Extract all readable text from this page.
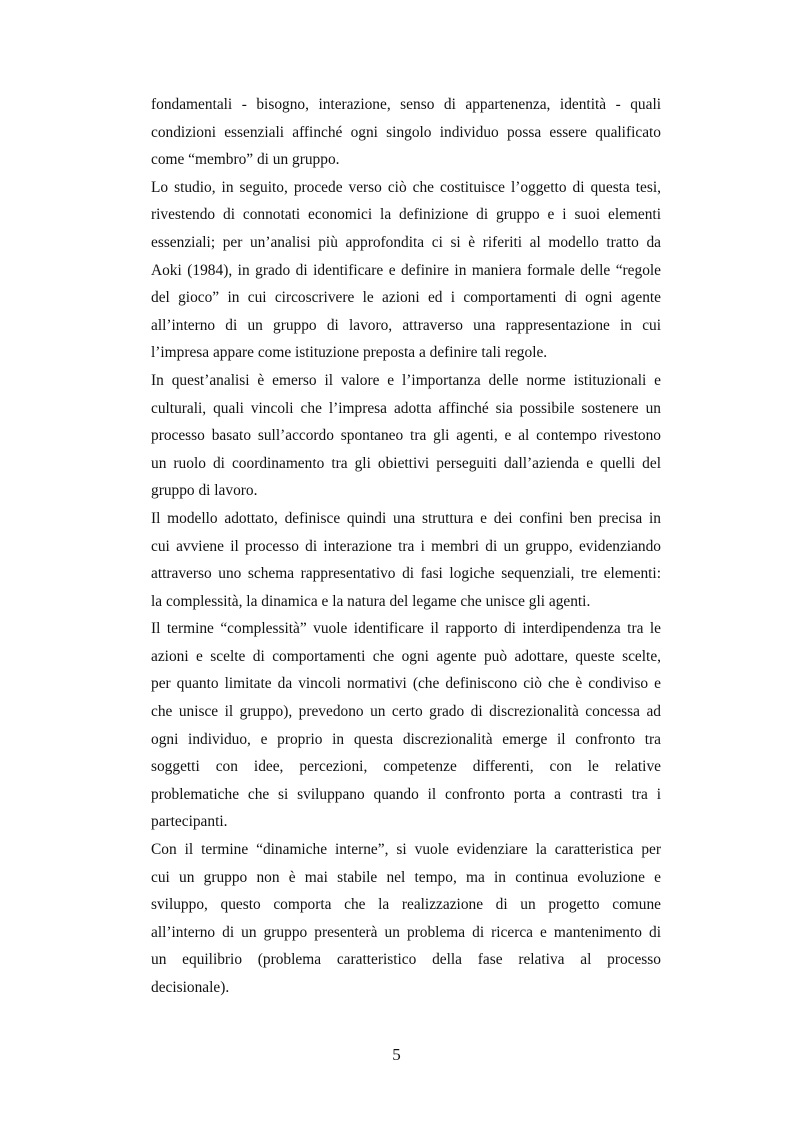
fondamentali - bisogno, interazione, senso di appartenenza, identità - quali
condizioni essenziali affinché ogni singolo individuo possa essere qualificato
come “membro” di un gruppo.
Lo studio, in seguito, procede verso ciò che costituisce l’oggetto di questa tesi,
rivestendo di connotati economici la definizione di gruppo e i suoi elementi
essenziali; per un’analisi più approfondita ci si è riferiti al modello tratto da
Aoki (1984), in grado di identificare e definire in maniera formale delle “regole
del gioco” in cui circoscrivere le azioni ed i comportamenti di ogni agente
all’interno di un gruppo di lavoro, attraverso una rappresentazione in cui
l’impresa appare come istituzione preposta a definire tali regole.
In quest’analisi è emerso il valore e l’importanza delle norme istituzionali e
culturali, quali vincoli che l’impresa adotta affinché sia possibile sostenere un
processo basato sull’accordo spontaneo tra gli agenti, e al contempo rivestono
un ruolo di coordinamento tra gli obiettivi perseguiti dall’azienda e quelli del
gruppo di lavoro.
Il modello adottato, definisce quindi una struttura e dei confini ben precisa in
cui avviene il processo di interazione tra i membri di un gruppo, evidenziando
attraverso uno schema rappresentativo di fasi logiche sequenziali, tre elementi:
la complessità, la dinamica e la natura del legame che unisce gli agenti.
Il termine “complessità” vuole identificare il rapporto di interdipendenza tra le
azioni e scelte di comportamenti che ogni agente può adottare, queste scelte,
per quanto limitate da vincoli normativi (che definiscono ciò che è condiviso e
che unisce il gruppo), prevedono un certo grado di discrezionalità concessa ad
ogni individuo, e proprio in questa discrezionalità emerge il confronto tra
soggetti con idee, percezioni, competenze differenti, con le relative
problematiche che si sviluppano quando il confronto porta a contrasti tra i
partecipanti.
Con il termine “dinamiche interne”, si vuole evidenziare la caratteristica per
cui un gruppo non è mai stabile nel tempo, ma in continua evoluzione e
sviluppo, questo comporta che la realizzazione di un progetto comune
all’interno di un gruppo presenterà un problema di ricerca e mantenimento di
un equilibrio (problema caratteristico della fase relativa al processo
decisionale).
5
